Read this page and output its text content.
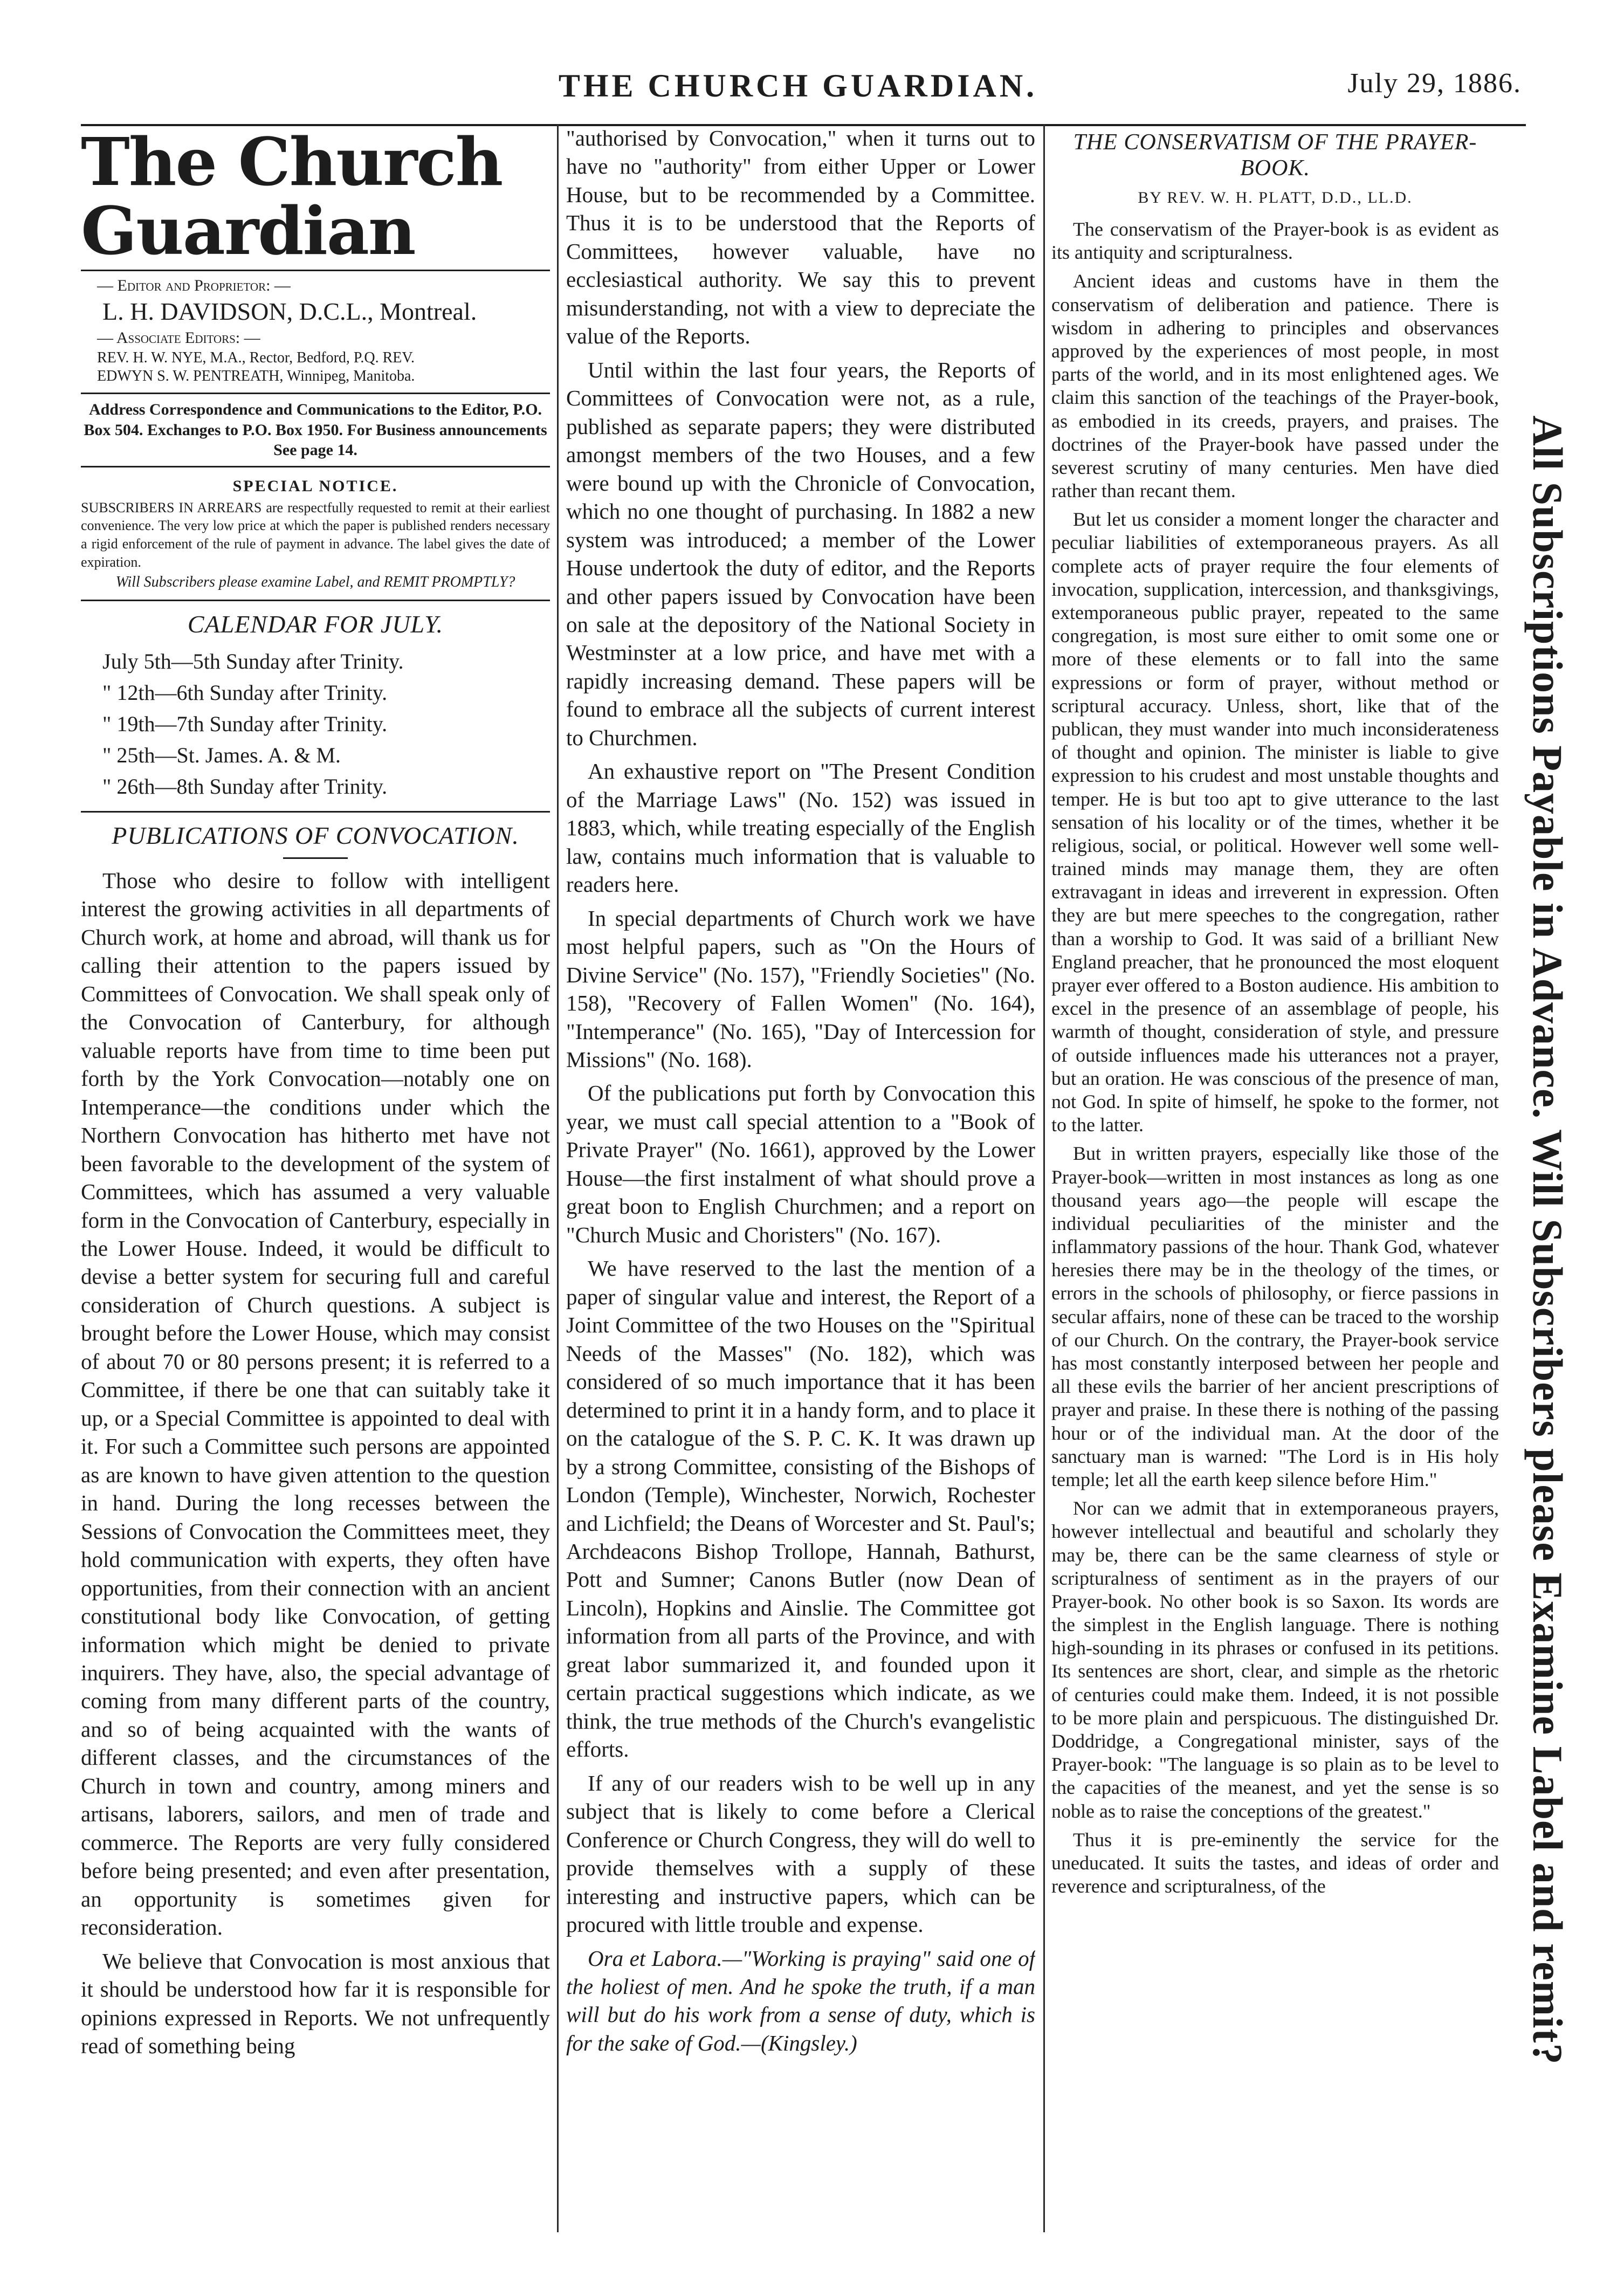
THE CHURCH GUARDIAN.	July 29, 1886.
The Church Guardian
— Editor and Proprietor: —
L. H. DAVIDSON, D.C.L., Montreal.
— Associate Editors: —
REV. H. W. NYE, M.A., Rector, Bedford, P.Q. REV.
EDWYN S. W. PENTREATH, Winnipeg, Manitoba.
Address Correspondence and Communications to the Editor, P.O. Box 504. Exchanges to P.O. Box 1950. For Business announcements See page 14.
SPECIAL NOTICE.
SUBSCRIBERS IN ARREARS are respectfully requested to remit at their earliest convenience. The very low price at which the paper is published renders necessary a rigid enforcement of the rule of payment in advance. The label gives the date of expiration.
Will Subscribers please examine Label, and REMIT PROMPTLY?
CALENDAR FOR JULY.
July 5th—5th Sunday after Trinity.
" 12th—6th Sunday after Trinity.
" 19th—7th Sunday after Trinity.
" 25th—St. James. A. & M.
" 26th—8th Sunday after Trinity.
PUBLICATIONS OF CONVOCATION.

Those who desire to follow with intelligent interest the growing activities in all departments of Church work, at home and abroad, will thank us for calling their attention to the papers issued by Committees of Convocation. We shall speak only of the Convocation of Canterbury, for although valuable reports have from time to time been put forth by the York Convocation—notably one on Intemperance—the conditions under which the Northern Convocation has hitherto met have not been favorable to the development of the system of Committees, which has assumed a very valuable form in the Convocation of Canterbury, especially in the Lower House. Indeed, it would be difficult to devise a better system for securing full and careful consideration of Church questions. A subject is brought before the Lower House, which may consist of about 70 or 80 persons present; it is referred to a Committee, if there be one that can suitably take it up, or a Special Committee is appointed to deal with it. For such a Committee such persons are appointed as are known to have given attention to the question in hand. During the long recesses between the Sessions of Convocation the Committees meet, they hold communication with experts, they often have opportunities, from their connection with an ancient constitutional body like Convocation, of getting information which might be denied to private inquirers. They have, also, the special advantage of coming from many different parts of the country, and so of being acquainted with the wants of different classes, and the circumstances of the Church in town and country, among miners and artisans, laborers, sailors, and men of trade and commerce. The Reports are very fully considered before being presented; and even after presentation, an opportunity is sometimes given for reconsideration.

We believe that Convocation is most anxious that it should be understood how far it is responsible for opinions expressed in Reports. We not unfrequently read of something being

"authorised by Convocation," when it turns out to have no "authority" from either Upper or Lower House, but to be recommended by a Committee. Thus it is to be understood that the Reports of Committees, however valuable, have no ecclesiastical authority. We say this to prevent misunderstanding, not with a view to depreciate the value of the Reports.

Until within the last four years, the Reports of Committees of Convocation were not, as a rule, published as separate papers; they were distributed amongst members of the two Houses, and a few were bound up with the Chronicle of Convocation, which no one thought of purchasing. In 1882 a new system was introduced; a member of the Lower House undertook the duty of editor, and the Reports and other papers issued by Convocation have been on sale at the depository of the National Society in Westminster at a low price, and have met with a rapidly increasing demand. These papers will be found to embrace all the subjects of current interest to Churchmen.

An exhaustive report on "The Present Condition of the Marriage Laws" (No. 152) was issued in 1883, which, while treating especially of the English law, contains much information that is valuable to readers here.

In special departments of Church work we have most helpful papers, such as "On the Hours of Divine Service" (No. 157), "Friendly Societies" (No. 158), "Recovery of Fallen Women" (No. 164), "Intemperance" (No. 165), "Day of Intercession for Missions" (No. 168).

Of the publications put forth by Convocation this year, we must call special attention to a "Book of Private Prayer" (No. 1661), approved by the Lower House—the first instalment of what should prove a great boon to English Churchmen; and a report on "Church Music and Choristers" (No. 167).

We have reserved to the last the mention of a paper of singular value and interest, the Report of a Joint Committee of the two Houses on the "Spiritual Needs of the Masses" (No. 182), which was considered of so much importance that it has been determined to print it in a handy form, and to place it on the catalogue of the S. P. C. K. It was drawn up by a strong Committee, consisting of the Bishops of London (Temple), Winchester, Norwich, Rochester and Lichfield; the Deans of Worcester and St. Paul's; Archdeacons Bishop Trollope, Hannah, Bathurst, Pott and Sumner; Canons Butler (now Dean of Lincoln), Hopkins and Ainslie. The Committee got information from all parts of the Province, and with great labor summarized it, and founded upon it certain practical suggestions which indicate, as we think, the true methods of the Church's evangelistic efforts.

If any of our readers wish to be well up in any subject that is likely to come before a Clerical Conference or Church Congress, they will do well to provide themselves with a supply of these interesting and instructive papers, which can be procured with little trouble and expense.

Ora et Labora.—"Working is praying" said one of the holiest of men. And he spoke the truth, if a man will but do his work from a sense of duty, which is for the sake of God.—(Kingsley.)

THE CONSERVATISM OF THE PRAYER-BOOK.
BY REV. W. H. PLATT, D.D., LL.D.

The conservatism of the Prayer-book is as evident as its antiquity and scripturalness.

Ancient ideas and customs have in them the conservatism of deliberation and patience. There is wisdom in adhering to principles and observances approved by the experiences of most people, in most parts of the world, and in its most enlightened ages. We claim this sanction of the teachings of the Prayer-book, as embodied in its creeds, prayers, and praises. The doctrines of the Prayer-book have passed under the severest scrutiny of many centuries. Men have died rather than recant them.

But let us consider a moment longer the character and peculiar liabilities of extemporaneous prayers. As all complete acts of prayer require the four elements of invocation, supplication, intercession, and thanksgivings, extemporaneous public prayer, repeated to the same congregation, is most sure either to omit some one or more of these elements or to fall into the same expressions or form of prayer, without method or scriptural accuracy. Unless, short, like that of the publican, they must wander into much inconsiderateness of thought and opinion. The minister is liable to give expression to his crudest and most unstable thoughts and temper. He is but too apt to give utterance to the last sensation of his locality or of the times, whether it be religious, social, or political. However well some well-trained minds may manage them, they are often extravagant in ideas and irreverent in expression. Often they are but mere speeches to the congregation, rather than a worship to God. It was said of a brilliant New England preacher, that he pronounced the most eloquent prayer ever offered to a Boston audience. His ambition to excel in the presence of an assemblage of people, his warmth of thought, consideration of style, and pressure of outside influences made his utterances not a prayer, but an oration. He was conscious of the presence of man, not God. In spite of himself, he spoke to the former, not to the latter.

But in written prayers, especially like those of the Prayer-book—written in most instances as long as one thousand years ago—the people will escape the individual peculiarities of the minister and the inflammatory passions of the hour. Thank God, whatever heresies there may be in the theology of the times, or errors in the schools of philosophy, or fierce passions in secular affairs, none of these can be traced to the worship of our Church. On the contrary, the Prayer-book service has most constantly interposed between her people and all these evils the barrier of her ancient prescriptions of prayer and praise. In these there is nothing of the passing hour or of the individual man. At the door of the sanctuary man is warned: "The Lord is in His holy temple; let all the earth keep silence before Him."

Nor can we admit that in extemporaneous prayers, however intellectual and beautiful and scholarly they may be, there can be the same clearness of style or scripturalness of sentiment as in the prayers of our Prayer-book. No other book is so Saxon. Its words are the simplest in the English language. There is nothing high-sounding in its phrases or confused in its petitions. Its sentences are short, clear, and simple as the rhetoric of centuries could make them. Indeed, it is not possible to be more plain and perspicuous. The distinguished Dr. Doddridge, a Congregational minister, says of the Prayer-book: "The language is so plain as to be level to the capacities of the meanest, and yet the sense is so noble as to raise the conceptions of the greatest."

Thus it is pre-eminently the service for the uneducated. It suits the tastes, and ideas of order and reverence and scripturalness, of the	All Subscriptions Payable in Advance. Will Subscribers please Examine Label and remit?
